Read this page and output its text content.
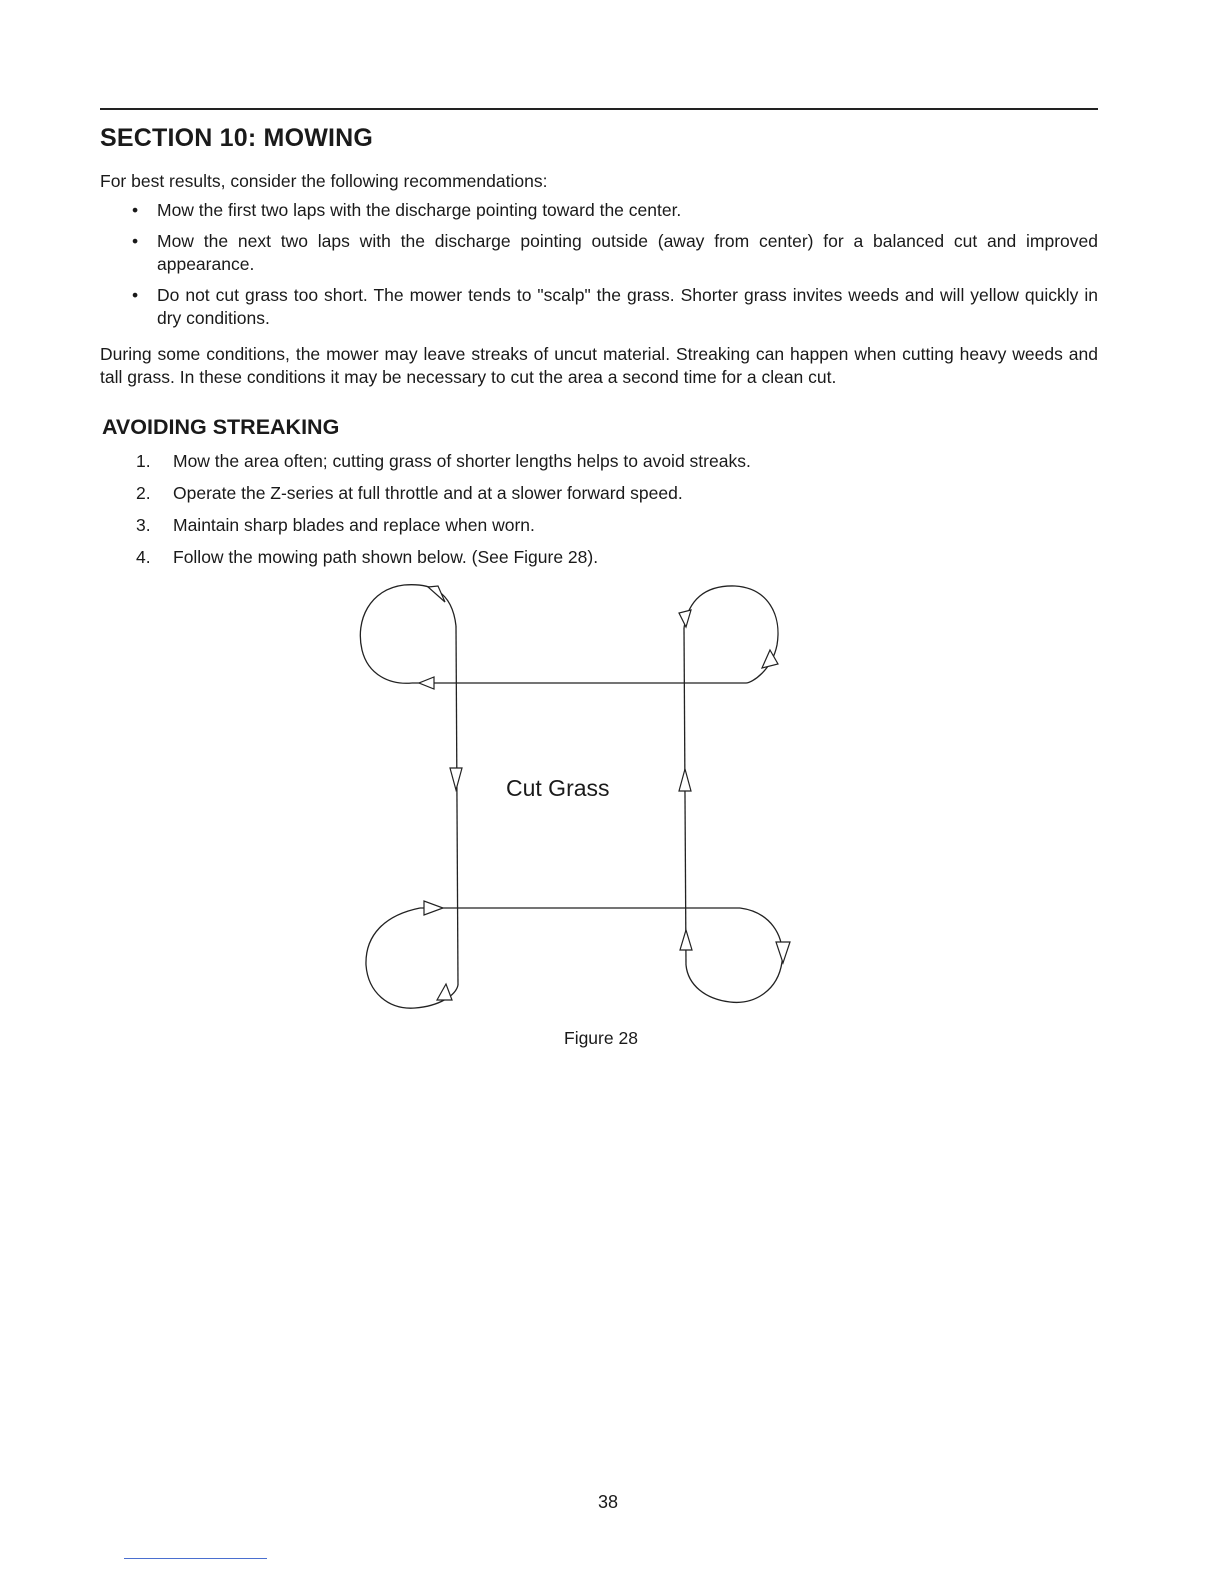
SECTION 10: MOWING

For best results, consider the following recommendations:

• Mow the first two laps with the discharge pointing toward the center.
• Mow the next two laps with the discharge pointing outside (away from center) for a balanced cut and improved appearance.
• Do not cut grass too short. The mower tends to "scalp" the grass. Shorter grass invites weeds and will yellow quickly in dry conditions.

During some conditions, the mower may leave streaks of uncut material. Streaking can happen when cutting heavy weeds and tall grass. In these conditions it may be necessary to cut the area a second time for a clean cut.

AVOIDING STREAKING
1. Mow the area often; cutting grass of shorter lengths helps to avoid streaks.
2. Operate the Z-series at full throttle and at a slower forward speed.
3. Maintain sharp blades and replace when worn.
4. Follow the mowing path shown below. (See Figure 28).
Cut Grass

Figure 28

38
